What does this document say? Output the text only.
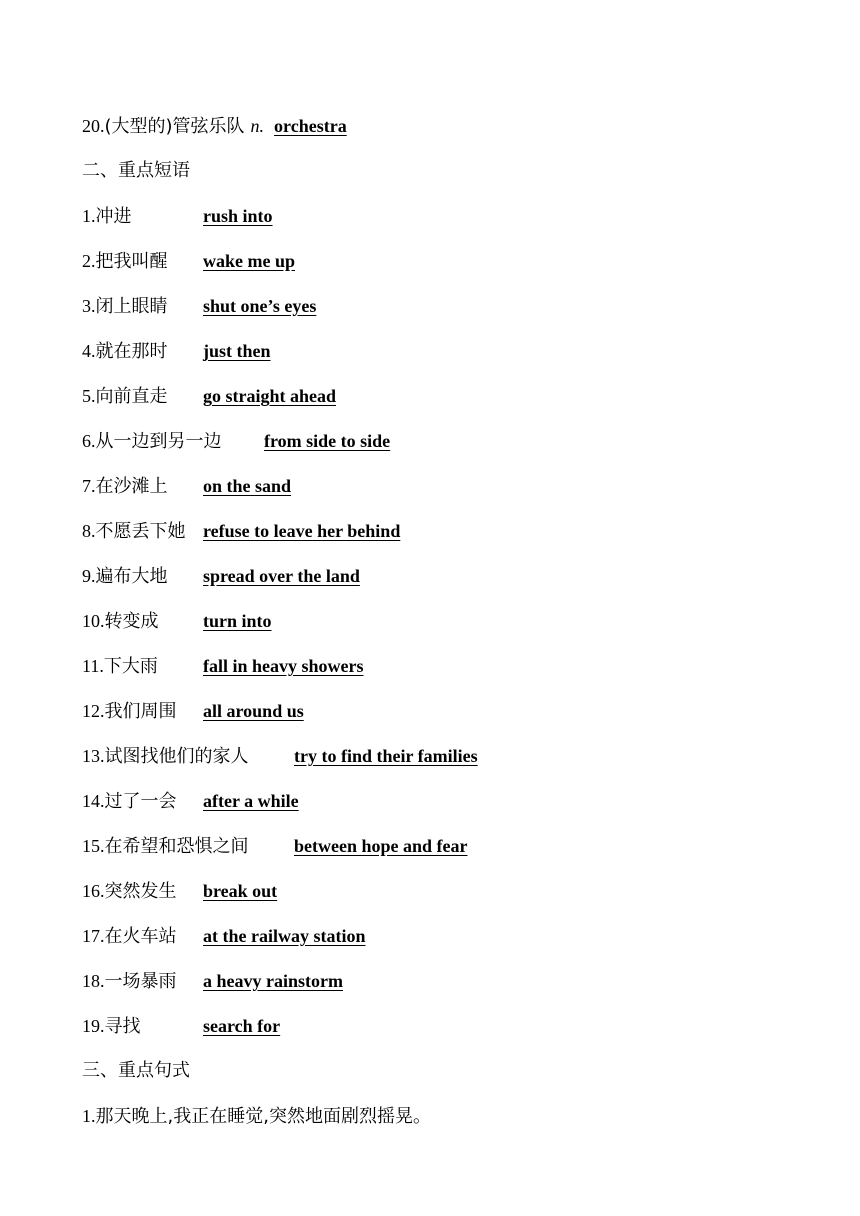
20.(大型的)管弦乐队 n. orchestra
二、重点短语
1.冲进	rush into
2.把我叫醒 wake me up
3.闭上眼睛 shut one’s eyes
4.就在那时 just then
5.向前直走 go straight ahead
6.从一边到另一边 from side to side
7.在沙滩上 on the sand
8.不愿丢下她 refuse to leave her behind
9.遍布大地 spread over the land
10.转变成 turn into
11.下大雨	fall in heavy showers
12.我们周围 all around us
13.试图找他们的家人	try to find their families
14.过了一会 after a while
15.在希望和恐惧之间	between hope and fear
16.突然发生 break out
17.在火车站 at the railway station
18.一场暴雨 a heavy rainstorm
19.寻找	search for
三、重点句式
1.那天晚上,我正在睡觉,突然地面剧烈摇晃。
